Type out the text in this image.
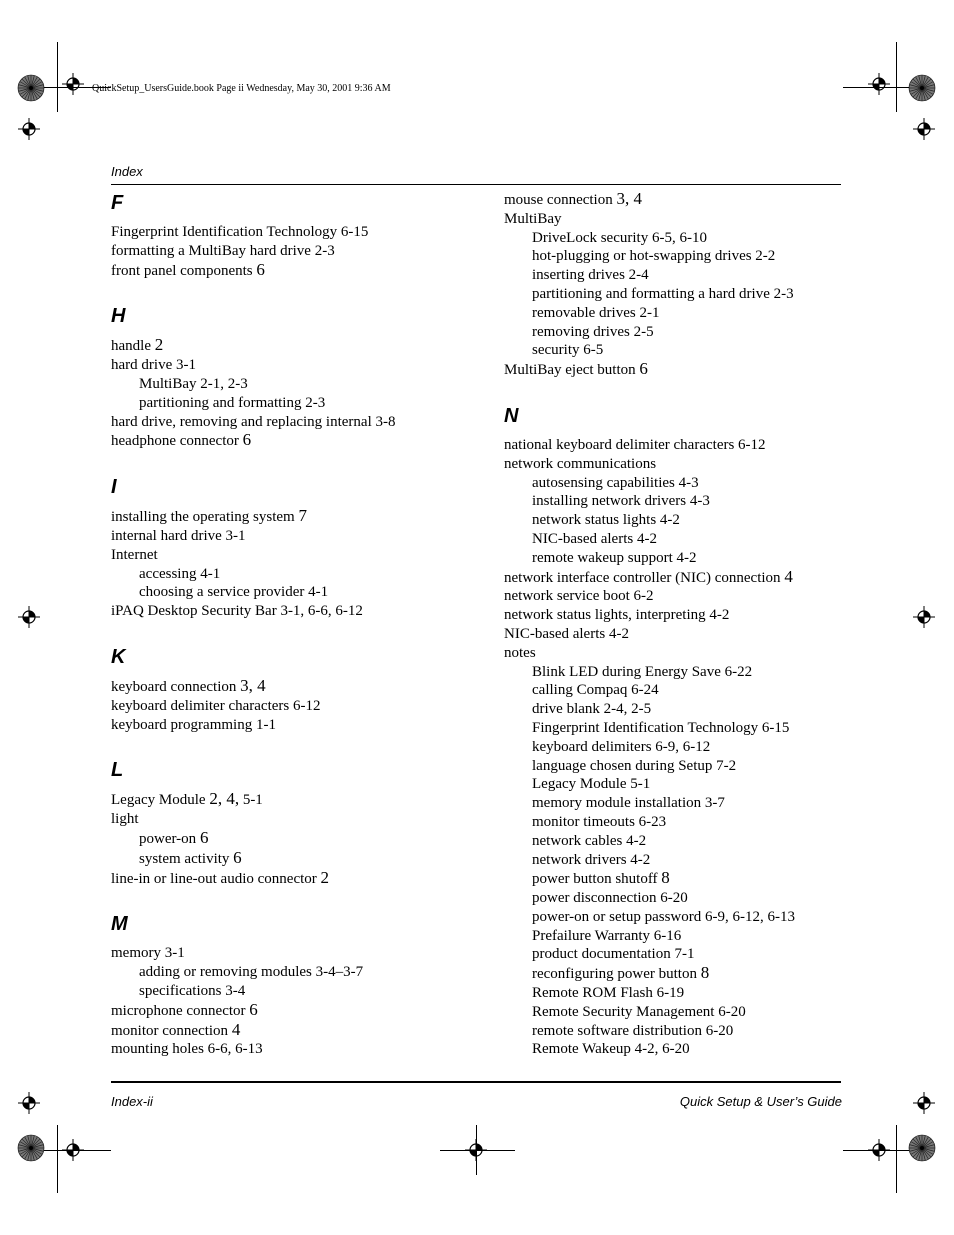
QuickSetup_UsersGuide.book Page ii Wednesday, May 30, 2001 9:36 AM
Index
F
Fingerprint Identification Technology 6-15
formatting a MultiBay hard drive 2-3
front panel components 6
H
handle 2
hard drive 3-1
MultiBay 2-1, 2-3
partitioning and formatting 2-3
hard drive, removing and replacing internal 3-8
headphone connector 6
I
installing the operating system 7
internal hard drive 3-1
Internet
accessing 4-1
choosing a service provider 4-1
iPAQ Desktop Security Bar 3-1, 6-6, 6-12
K
keyboard connection 3, 4
keyboard delimiter characters 6-12
keyboard programming 1-1
L
Legacy Module 2, 4, 5-1
light
power-on 6
system activity 6
line-in or line-out audio connector 2
M
memory 3-1
adding or removing modules 3-4–3-7
specifications 3-4
microphone connector 6
monitor connection 4
mounting holes 6-6, 6-13
mouse connection 3, 4
MultiBay
DriveLock security 6-5, 6-10
hot-plugging or hot-swapping drives 2-2
inserting drives 2-4
partitioning and formatting a hard drive 2-3
removable drives 2-1
removing drives 2-5
security 6-5
MultiBay eject button 6
N
national keyboard delimiter characters 6-12
network communications
autosensing capabilities 4-3
installing network drivers 4-3
network status lights 4-2
NIC-based alerts 4-2
remote wakeup support 4-2
network interface controller (NIC) connection 4
network service boot 6-2
network status lights, interpreting 4-2
NIC-based alerts 4-2
notes
Blink LED during Energy Save 6-22
calling Compaq 6-24
drive blank 2-4, 2-5
Fingerprint Identification Technology 6-15
keyboard delimiters 6-9, 6-12
language chosen during Setup 7-2
Legacy Module 5-1
memory module installation 3-7
monitor timeouts 6-23
network cables 4-2
network drivers 4-2
power button shutoff 8
power disconnection 6-20
power-on or setup password 6-9, 6-12, 6-13
Prefailure Warranty 6-16
product documentation 7-1
reconfiguring power button 8
Remote ROM Flash 6-19
Remote Security Management 6-20
remote software distribution 6-20
Remote Wakeup 4-2, 6-20
Index-ii	Quick Setup & User’s Guide
